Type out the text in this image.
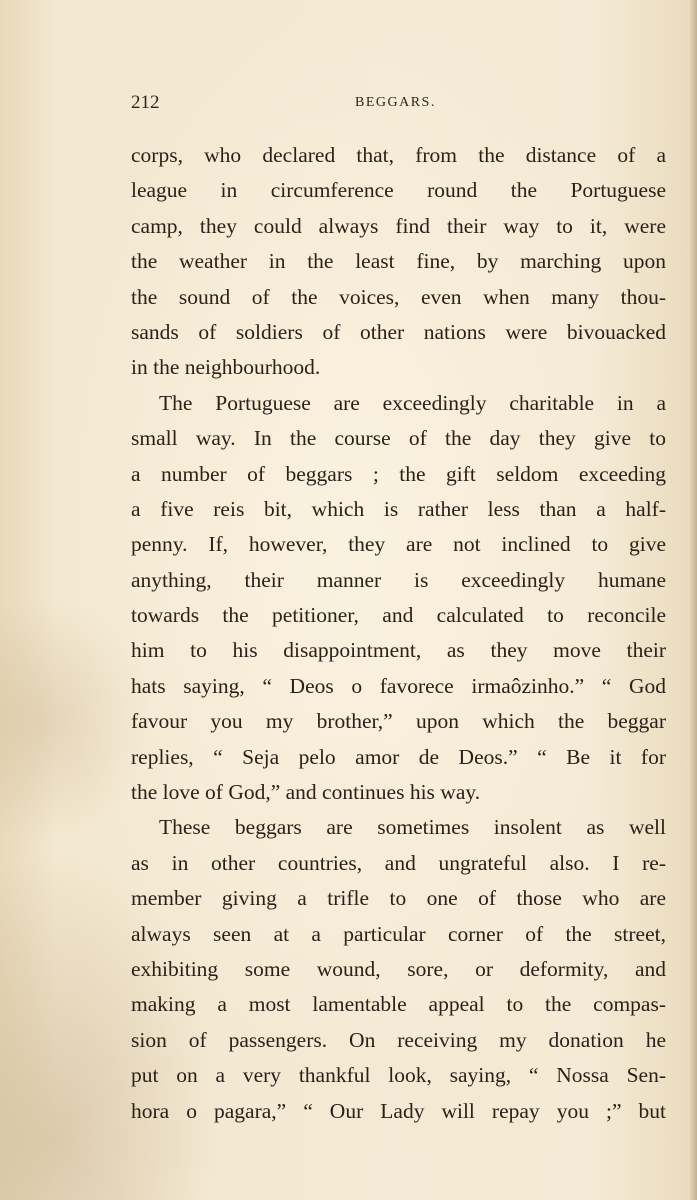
212	BEGGARS.
corps, who declared that, from the distance of a
league in circumference round the Portuguese
camp, they could always find their way to it, were
the weather in the least fine, by marching upon
the sound of the voices, even when many thou-
sands of soldiers of other nations were bivouacked
in the neighbourhood.
The Portuguese are exceedingly charitable in a
small way. In the course of the day they give to
a number of beggars ; the gift seldom exceeding
a five reis bit, which is rather less than a half-
penny. If, however, they are not inclined to give
anything, their manner is exceedingly humane
towards the petitioner, and calculated to reconcile
him to his disappointment, as they move their
hats saying, “ Deos o favorece irmaôzinho.” “ God
favour you my brother,” upon which the beggar
replies, “ Seja pelo amor de Deos.” “ Be it for
the love of God,” and continues his way.
These beggars are sometimes insolent as well
as in other countries, and ungrateful also. I re-
member giving a trifle to one of those who are
always seen at a particular corner of the street,
exhibiting some wound, sore, or deformity, and
making a most lamentable appeal to the compas-
sion of passengers. On receiving my donation he
put on a very thankful look, saying, “ Nossa Sen-
hora o pagara,” “ Our Lady will repay you ;” but
